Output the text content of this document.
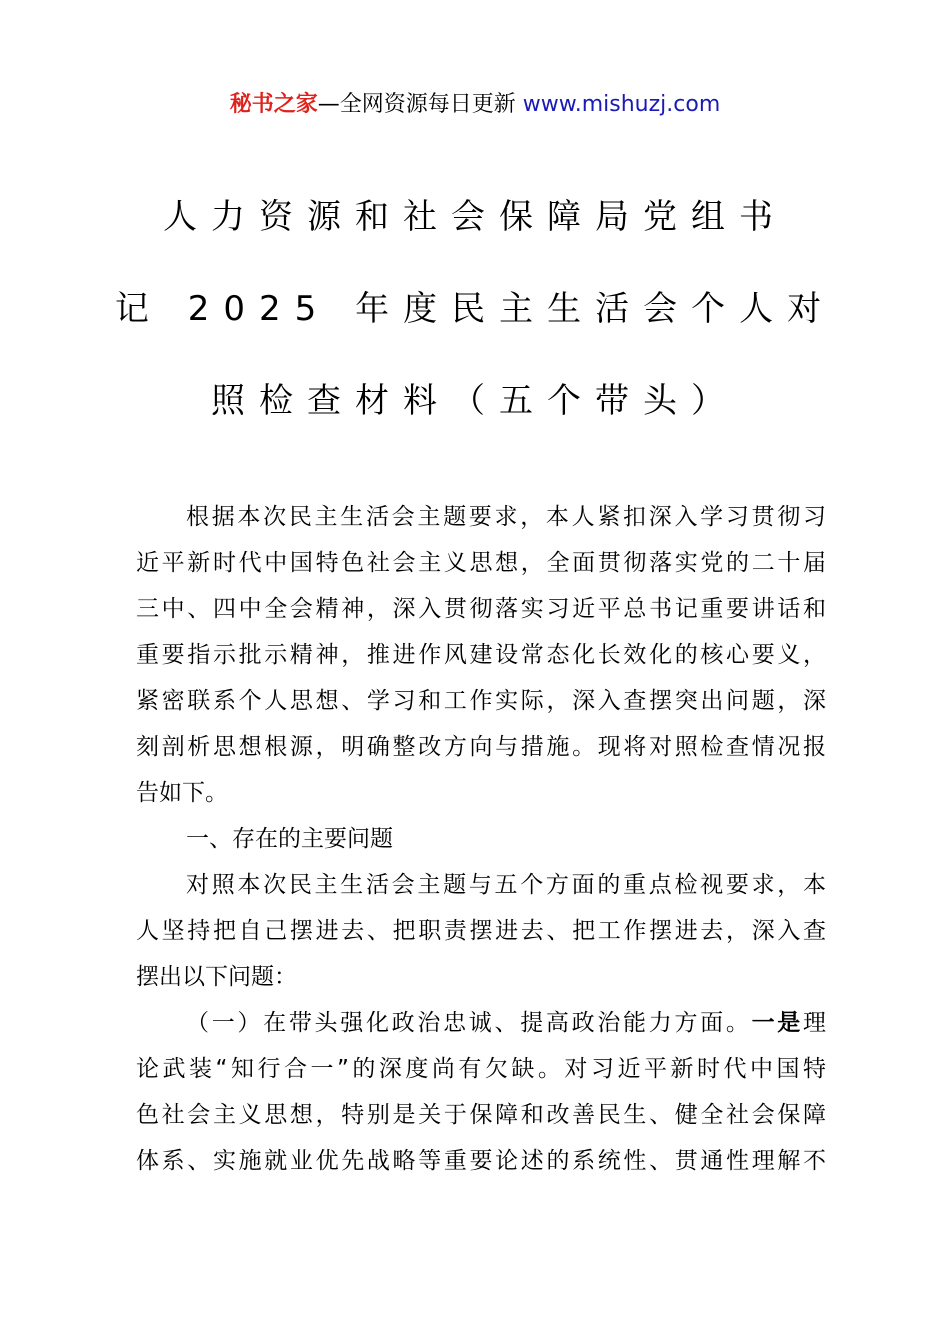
秘书之家—全网资源每日更新 www.mishuzj.com
人力资源和社会保障局党组书
记 2025 年度民主生活会个人对
照检查材料（五个带头）
根据本次民主生活会主题要求，本人紧扣深入学习贯彻习
近平新时代中国特色社会主义思想，全面贯彻落实党的二十届
三中、四中全会精神，深入贯彻落实习近平总书记重要讲话和
重要指示批示精神，推进作风建设常态化长效化的核心要义，
紧密联系个人思想、学习和工作实际，深入查摆突出问题，深
刻剖析思想根源，明确整改方向与措施。现将对照检查情况报
告如下。
一、存在的主要问题
对照本次民主生活会主题与五个方面的重点检视要求，本
人坚持把自己摆进去、把职责摆进去、把工作摆进去，深入查
摆出以下问题：
（一）在带头强化政治忠诚、提高政治能力方面。一是理
论武装“知行合一”的深度尚有欠缺。对习近平新时代中国特
色社会主义思想，特别是关于保障和改善民生、健全社会保障
体系、实施就业优先战略等重要论述的系统性、贯通性理解不
